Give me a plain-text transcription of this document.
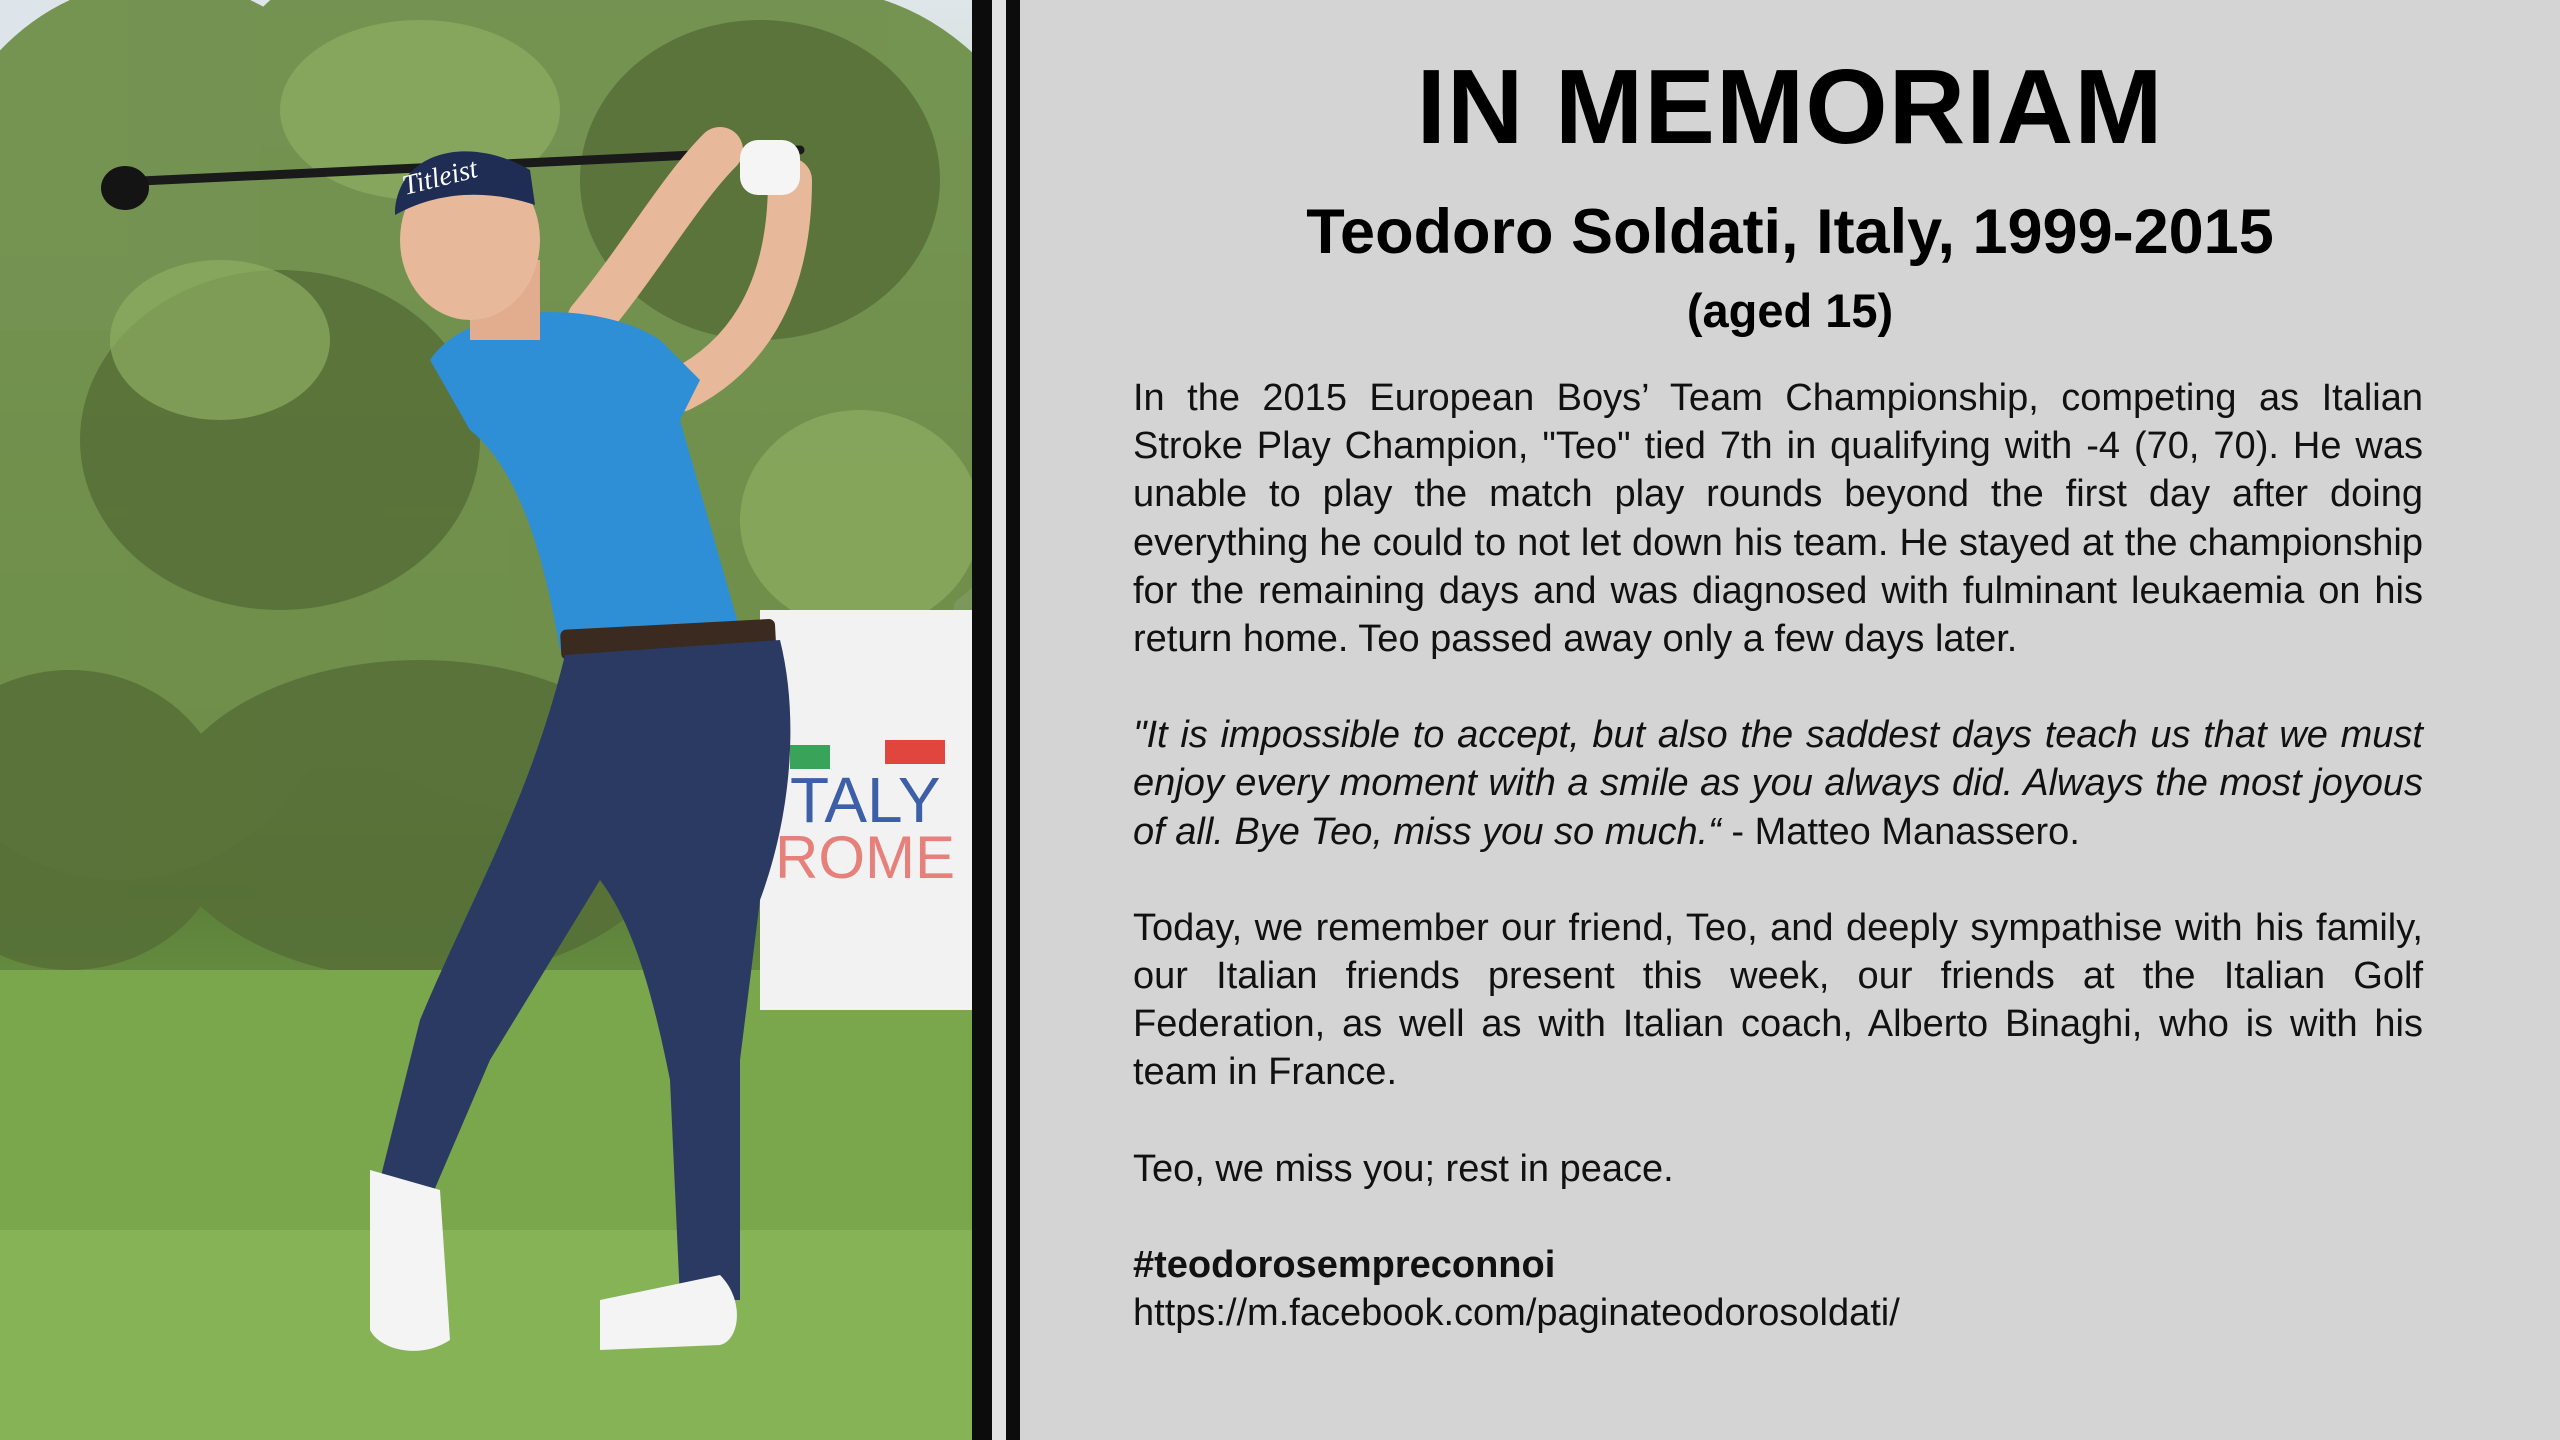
TALY
ROME
Titleist
IN MEMORIAM
Teodoro Soldati, Italy, 1999-2015
(aged 15)

In the 2015 European Boys’ Team Championship, competing as Italian Stroke Play Champion, "Teo" tied 7th in qualifying with -4 (70, 70). He was unable to play the match play rounds beyond the first day after doing everything he could to not let down his team. He stayed at the championship for the remaining days and was diagnosed with fulminant leukaemia on his return home. Teo passed away only a few days later.

"It is impossible to accept, but also the saddest days teach us that we must enjoy every moment with a smile as you always did. Always the most joyous of all. Bye Teo, miss you so much.“ - Matteo Manassero.

Today, we remember our friend, Teo, and deeply sympathise with his family, our Italian friends present this week, our friends at the Italian Golf Federation, as well as with Italian coach, Alberto Binaghi, who is with his team in France.

Teo, we miss you; rest in peace.

#teodorosempreconnoi

https://m.facebook.com/paginateodorosoldati/
